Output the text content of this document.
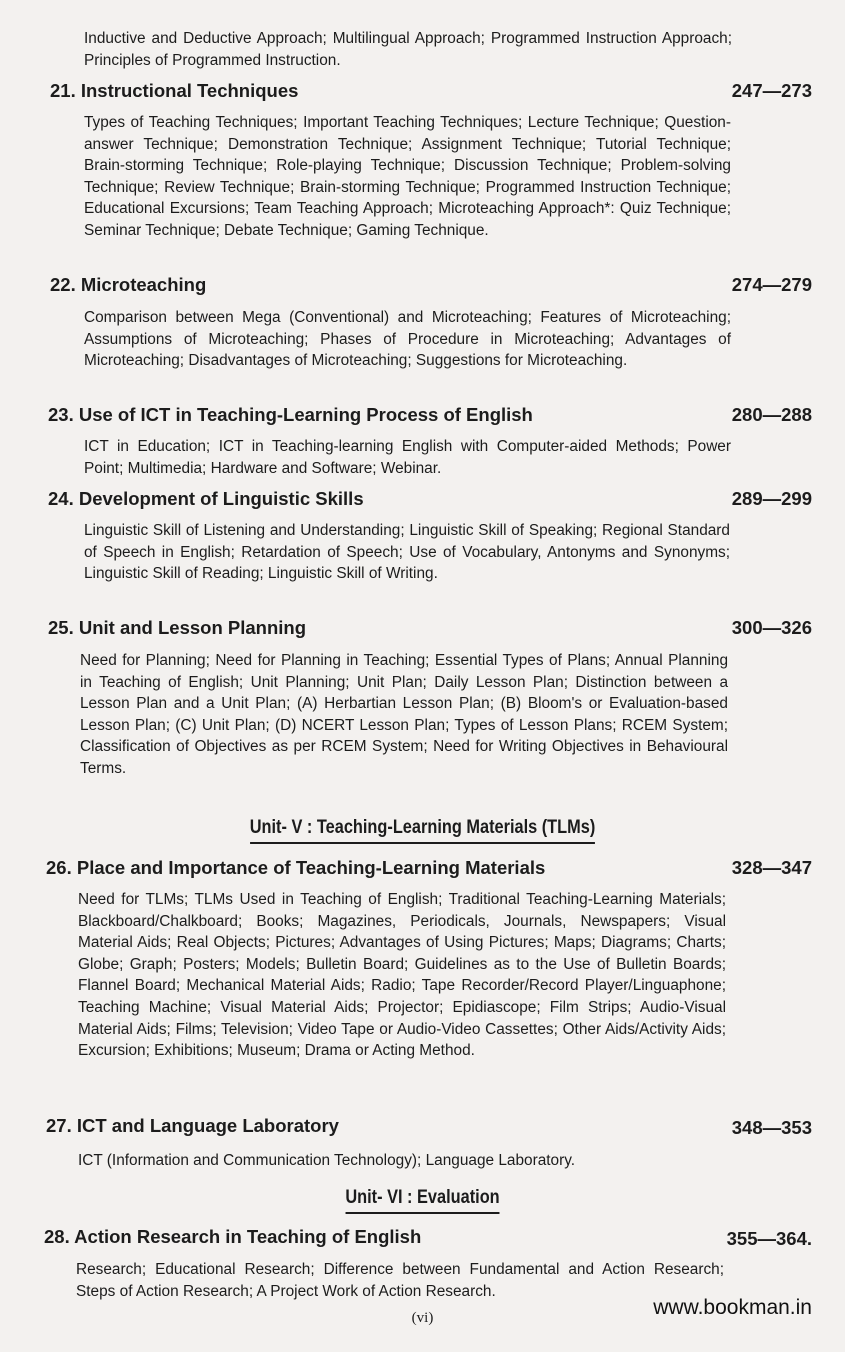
Inductive and Deductive Approach; Multilingual Approach; Programmed Instruction Approach; Principles of Programmed Instruction.

21. Instructional Techniques	247—273

Types of Teaching Techniques; Important Teaching Techniques; Lecture Technique; Question-answer Technique; Demonstration Technique; Assignment Technique; Tutorial Technique; Brain-storming Technique; Role-playing Technique; Discussion Technique; Problem-solving Technique; Review Technique; Brain-storming Technique; Programmed Instruction Technique; Educational Excursions; Team Teaching Approach; Microteaching Approach*: Quiz Technique; Seminar Technique; Debate Technique; Gaming Technique.

22. Microteaching	274—279

Comparison between Mega (Conventional) and Microteaching; Features of Microteaching; Assumptions of Microteaching; Phases of Procedure in Microteaching; Advantages of Microteaching; Disadvantages of Microteaching; Suggestions for Microteaching.

23. Use of ICT in Teaching-Learning Process of English	280—288

ICT in Education; ICT in Teaching-learning English with Computer-aided Methods; Power Point; Multimedia; Hardware and Software; Webinar.

24. Development of Linguistic Skills	289—299

Linguistic Skill of Listening and Understanding; Linguistic Skill of Speaking; Regional Standard of Speech in English; Retardation of Speech; Use of Vocabulary, Antonyms and Synonyms; Linguistic Skill of Reading; Linguistic Skill of Writing.

25. Unit and Lesson Planning	300—326

Need for Planning; Need for Planning in Teaching; Essential Types of Plans; Annual Planning in Teaching of English; Unit Planning; Unit Plan; Daily Lesson Plan; Distinction between a Lesson Plan and a Unit Plan; (A) Herbartian Lesson Plan; (B) Bloom's or Evaluation-based Lesson Plan; (C) Unit Plan; (D) NCERT Lesson Plan; Types of Lesson Plans; RCEM System; Classification of Objectives as per RCEM System; Need for Writing Objectives in Behavioural Terms.

Unit- V : Teaching-Learning Materials (TLMs)
26. Place and Importance of Teaching-Learning Materials	328—347

Need for TLMs; TLMs Used in Teaching of English; Traditional Teaching-Learning Materials; Blackboard/Chalkboard; Books; Magazines, Periodicals, Journals, Newspapers; Visual Material Aids; Real Objects; Pictures; Advantages of Using Pictures; Maps; Diagrams; Charts; Globe; Graph; Posters; Models; Bulletin Board; Guidelines as to the Use of Bulletin Boards; Flannel Board; Mechanical Material Aids; Radio; Tape Recorder/Record Player/Linguaphone; Teaching Machine; Visual Material Aids; Projector; Epidiascope; Film Strips; Audio-Visual Material Aids; Films; Television; Video Tape or Audio-Video Cassettes; Other Aids/Activity Aids; Excursion; Exhibitions; Museum; Drama or Acting Method.

27. ICT and Language Laboratory	348—353

ICT (Information and Communication Technology); Language Laboratory.

Unit- VI : Evaluation
28. Action Research in Teaching of English	355—364.

Research; Educational Research; Difference between Fundamental and Action Research; Steps of Action Research; A Project Work of Action Research.

(vi)	www.bookman.in
